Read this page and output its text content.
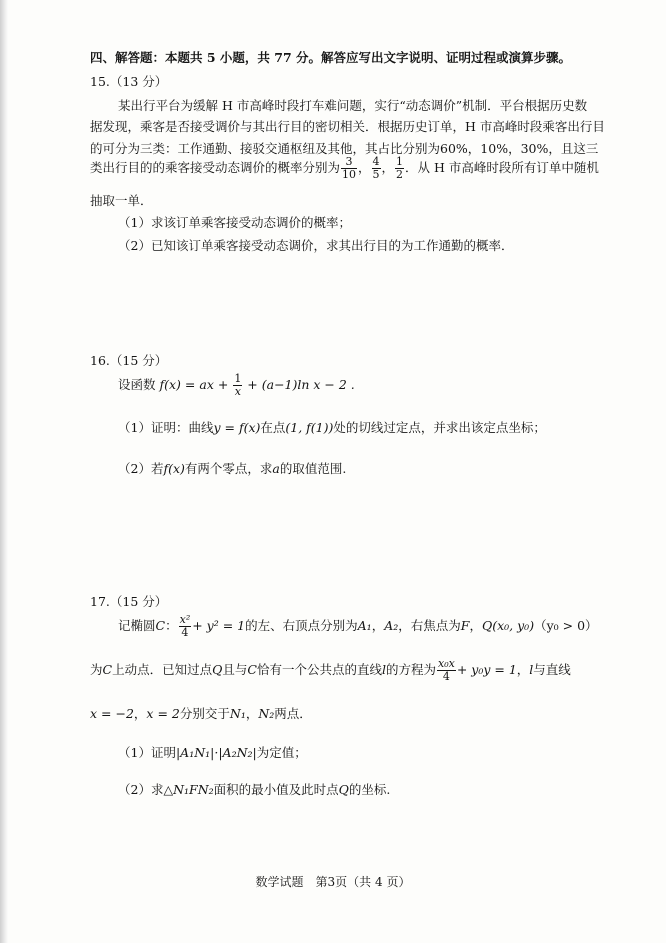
四、解答题：本题共 5 小题，共 77 分。解答应写出文字说明、证明过程或演算步骤。
15.（13 分）
某出行平台为缓解 H 市高峰时段打车难问题，实行“动态调价”机制．平台根据历史数
据发现，乘客是否接受调价与其出行目的密切相关．根据历史订单，H 市高峰时段乘客出行目
的可分为三类：工作通勤、接驳交通枢纽及其他，其占比分别为60%，10%，30%，且这三
类出行目的的乘客接受动态调价的概率分别为 $\frac{3}{10}$ ， $\frac{4}{5}$ ， $\frac{1}{2}$ ．从 H 市高峰时段所有订单中随机
抽取一单．
（1）求该订单乘客接受动态调价的概率；
（2）已知该订单乘客接受动态调价，求其出行目的为工作通勤的概率．
16.（15 分）
设函数 f(x) = ax + $\frac{1}{x} + (a-1)\ln$ x − 2 .
（1）证明：曲线y = f(x)在点(1, f(1))处的切线过定点，并求出该定点坐标；
（2）若f(x)有两个零点，求a的取值范围.
17.（15 分）
记椭圆C： $\frac{\text{x²}}{4} + y^2 = 1$的左、右顶点分别为A₁，A₂，右焦点为F，Q(x₀, y₀)（y₀ > 0）
为C上动点．已知过点Q且与C恰有一个公共点的直线l的方程为 $\frac{\text{x₀x}}{4} + y_0y = 1$，l与直线
x = −2，x = 2分别交于N₁，N₂两点．
（1）证明|A₁N₁|·|A₂N₂|为定值；
（2）求△N₁FN₂面积的最小值及此时点Q的坐标.
数学试题　第3页（共 4 页）
